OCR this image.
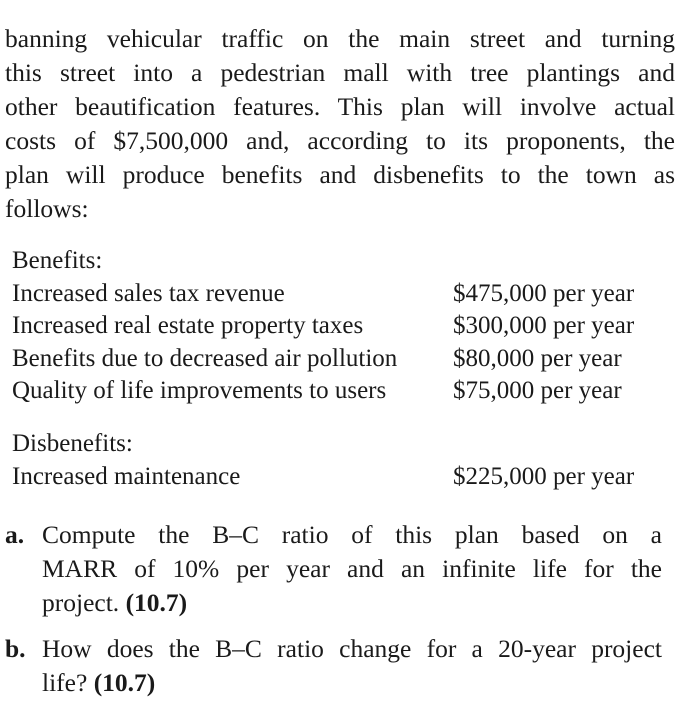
banning vehicular traffic on the main street and turning
this street into a pedestrian mall with tree plantings and
other beautification features. This plan will involve actual
costs of $7,500,000 and, according to its proponents, the
plan will produce benefits and disbenefits to the town as
follows:
Benefits:
Increased sales tax revenue	$475,000 per year
Increased real estate property taxes	$300,000 per year
Benefits due to decreased air pollution $80,000 per year
Quality of life improvements to users	$75,000 per year
Disbenefits:
Increased maintenance	$225,000 per year
a. Compute the B–C ratio of this plan based on a
MARR of 10% per year and an infinite life for the
project. (10.7)
b. How does the B–C ratio change for a 20-year project
life? (10.7)
